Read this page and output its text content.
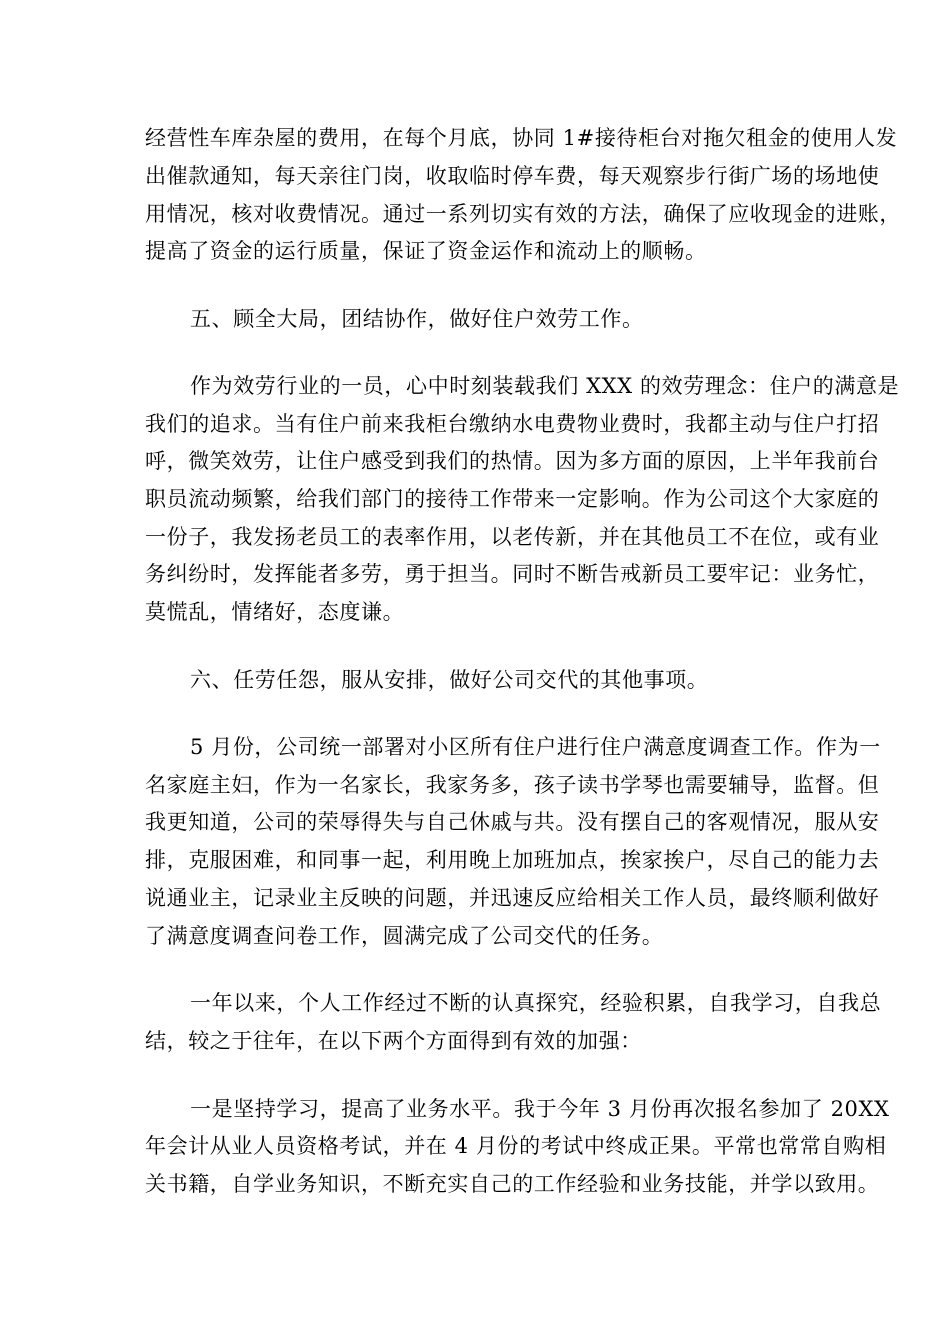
经营性车库杂屋的费用，在每个月底，协同 1#接待柜台对拖欠租金的使用人发

出催款通知，每天亲往门岗，收取临时停车费，每天观察步行街广场的场地使

用情况，核对收费情况。通过一系列切实有效的方法，确保了应收现金的进账，

提高了资金的运行质量，保证了资金运作和流动上的顺畅。

五、顾全大局，团结协作，做好住户效劳工作。

作为效劳行业的一员，心中时刻装载我们 XXX 的效劳理念：住户的满意是

我们的追求。当有住户前来我柜台缴纳水电费物业费时，我都主动与住户打招

呼，微笑效劳，让住户感受到我们的热情。因为多方面的原因，上半年我前台

职员流动频繁，给我们部门的接待工作带来一定影响。作为公司这个大家庭的

一份子，我发扬老员工的表率作用，以老传新，并在其他员工不在位，或有业

务纠纷时，发挥能者多劳，勇于担当。同时不断告戒新员工要牢记：业务忙，

莫慌乱，情绪好，态度谦。

六、任劳任怨，服从安排，做好公司交代的其他事项。

5 月份，公司统一部署对小区所有住户进行住户满意度调查工作。作为一

名家庭主妇，作为一名家长，我家务多，孩子读书学琴也需要辅导，监督。但

我更知道，公司的荣辱得失与自己休戚与共。没有摆自己的客观情况，服从安

排，克服困难，和同事一起，利用晚上加班加点，挨家挨户，尽自己的能力去

说通业主，记录业主反映的问题，并迅速反应给相关工作人员，最终顺利做好

了满意度调查问卷工作，圆满完成了公司交代的任务。

一年以来，个人工作经过不断的认真探究，经验积累，自我学习，自我总

结，较之于往年，在以下两个方面得到有效的加强：

一是坚持学习，提高了业务水平。我于今年 3 月份再次报名参加了 20XX

年会计从业人员资格考试，并在 4 月份的考试中终成正果。平常也常常自购相

关书籍，自学业务知识，不断充实自己的工作经验和业务技能，并学以致用。
